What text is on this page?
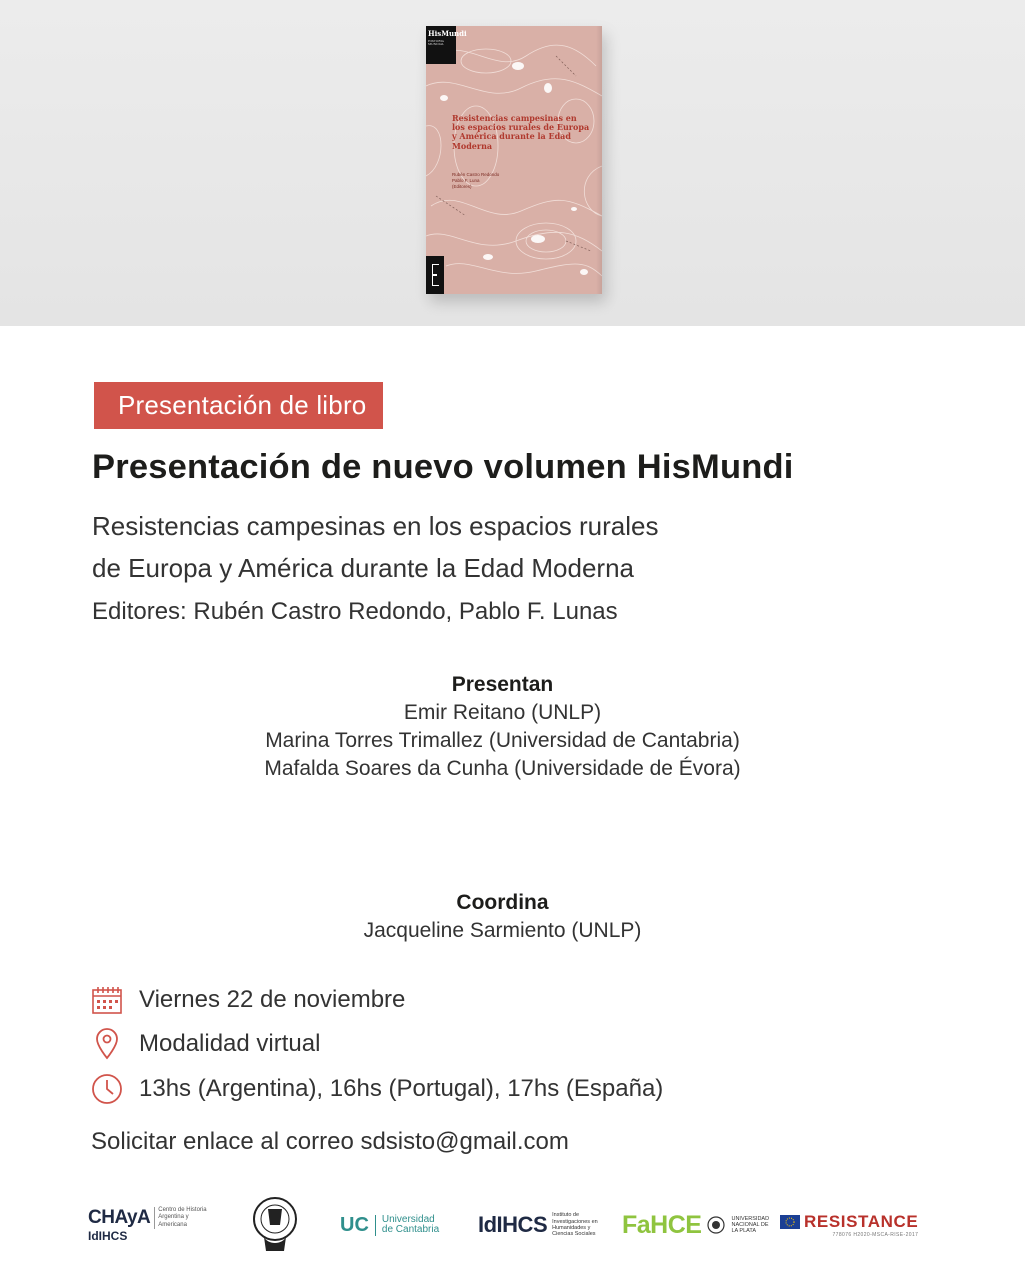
HisMundi
HISTORIA MUNDIAL
Resistencias campesinas en los espacios rurales de Europa y América durante la Edad Moderna
Rubén Castro Redondo
Pablo F. Luna
(Editores)
Presentación de libro
Presentación de nuevo volumen HisMundi
Resistencias campesinas en los espacios rurales
de Europa y América durante la Edad Moderna
Editores: Rubén Castro Redondo, Pablo F. Lunas
Presentan
Emir Reitano (UNLP)
Marina Torres Trimallez (Universidad de Cantabria)
Mafalda Soares da Cunha (Universidade de Évora)
Coordina
Jacqueline Sarmiento (UNLP)
Viernes 22 de noviembre
Modalidad virtual
13hs (Argentina), 16hs (Portugal), 17hs (España)
Solicitar enlace al correo sdsisto@gmail.com
CHAyA	Centro de Historia Argentina y Americana
IdIHCS
UC Universidad
de Cantabria IdIHCS Instituto de Investigaciones en Humanidades y Ciencias Sociales	FaHCE	UNIVERSIDAD NACIONAL DE LA PLATA
RESISTANCE
778076 H2020-MSCA-RISE-2017
